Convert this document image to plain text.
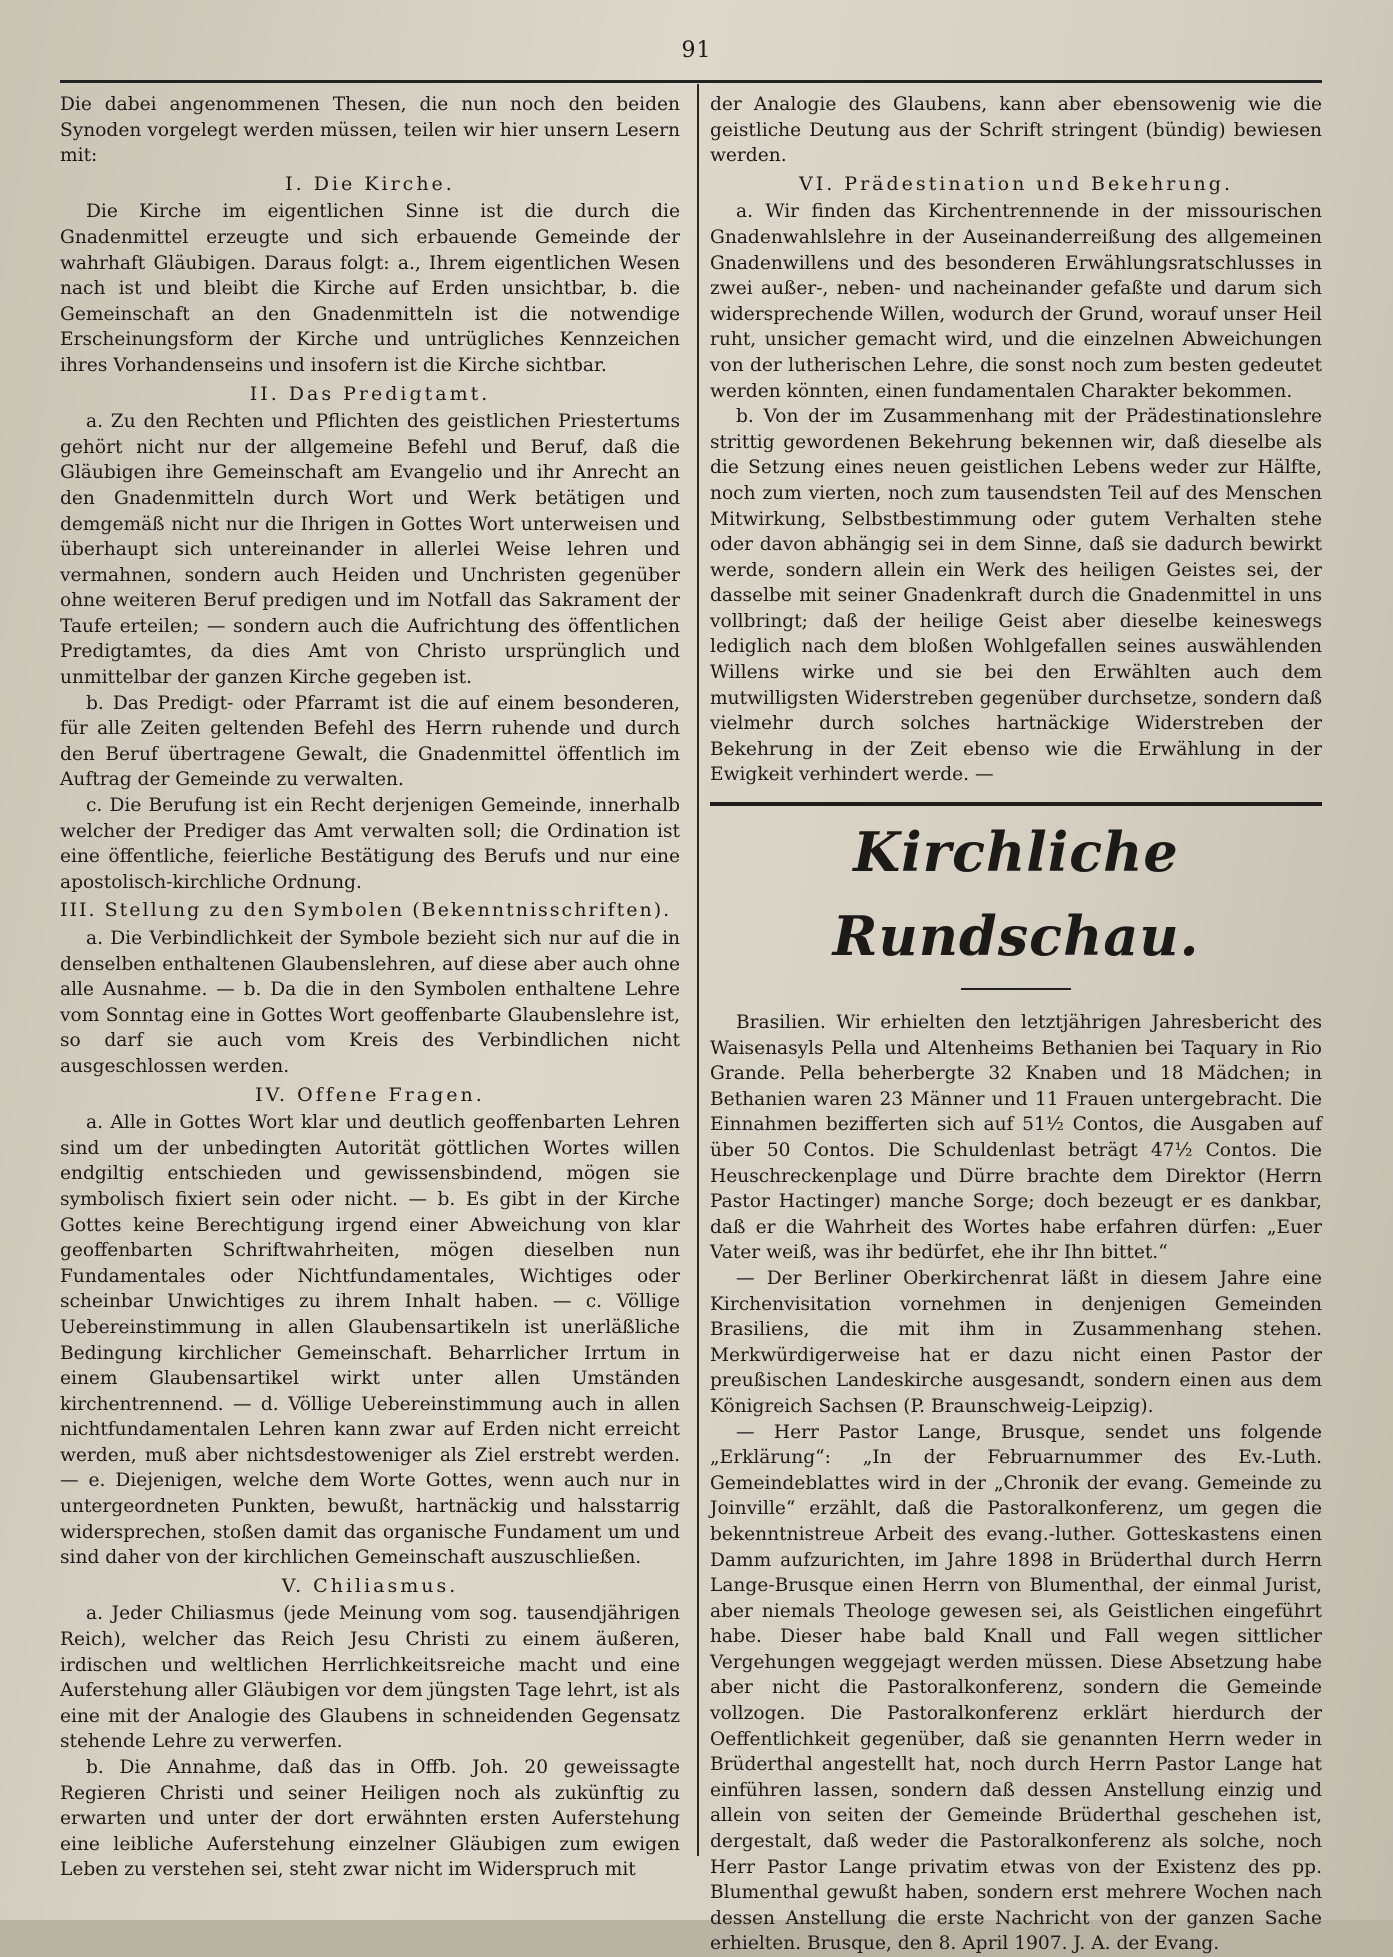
91

Die dabei angenommenen Thesen, die nun noch den beiden Synoden vorgelegt werden müssen, teilen wir hier unsern Lesern mit:

I. Die Kirche.

Die Kirche im eigentlichen Sinne ist die durch die Gnadenmittel erzeugte und sich erbauende Gemeinde der wahrhaft Gläubigen. Daraus folgt: a., Ihrem eigentlichen Wesen nach ist und bleibt die Kirche auf Erden unsichtbar, b. die Gemeinschaft an den Gnadenmitteln ist die notwendige Erscheinungsform der Kirche und untrügliches Kennzeichen ihres Vorhandenseins und insofern ist die Kirche sichtbar.

II. Das Predigtamt.

a. Zu den Rechten und Pflichten des geistlichen Priestertums gehört nicht nur der allgemeine Befehl und Beruf, daß die Gläubigen ihre Gemeinschaft am Evangelio und ihr Anrecht an den Gnadenmitteln durch Wort und Werk betätigen und demgemäß nicht nur die Ihrigen in Gottes Wort unterweisen und überhaupt sich untereinander in allerlei Weise lehren und vermahnen, sondern auch Heiden und Unchristen gegenüber ohne weiteren Beruf predigen und im Notfall das Sakrament der Taufe erteilen; — sondern auch die Aufrichtung des öffentlichen Predigtamtes, da dies Amt von Christo ursprünglich und unmittelbar der ganzen Kirche gegeben ist.

b. Das Predigt- oder Pfarramt ist die auf einem besonderen, für alle Zeiten geltenden Befehl des Herrn ruhende und durch den Beruf übertragene Gewalt, die Gnadenmittel öffentlich im Auftrag der Gemeinde zu verwalten.

c. Die Berufung ist ein Recht derjenigen Gemeinde, innerhalb welcher der Prediger das Amt verwalten soll; die Ordination ist eine öffentliche, feierliche Bestätigung des Berufs und nur eine apostolisch-kirchliche Ordnung.

III. Stellung zu den Symbolen (Bekenntnisschriften).

a. Die Verbindlichkeit der Symbole bezieht sich nur auf die in denselben enthaltenen Glaubenslehren, auf diese aber auch ohne alle Ausnahme. — b. Da die in den Symbolen enthaltene Lehre vom Sonntag eine in Gottes Wort geoffenbarte Glaubenslehre ist, so darf sie auch vom Kreis des Verbindlichen nicht ausgeschlossen werden.

IV. Offene Fragen.

a. Alle in Gottes Wort klar und deutlich geoffenbarten Lehren sind um der unbedingten Autorität göttlichen Wortes willen endgiltig entschieden und gewissensbindend, mögen sie symbolisch fixiert sein oder nicht. — b. Es gibt in der Kirche Gottes keine Berechtigung irgend einer Abweichung von klar geoffenbarten Schriftwahrheiten, mögen dieselben nun Fundamentales oder Nichtfundamentales, Wichtiges oder scheinbar Unwichtiges zu ihrem Inhalt haben. — c. Völlige Uebereinstimmung in allen Glaubensartikeln ist unerläßliche Bedingung kirchlicher Gemeinschaft. Beharrlicher Irrtum in einem Glaubensartikel wirkt unter allen Umständen kirchentrennend. — d. Völlige Uebereinstimmung auch in allen nichtfundamentalen Lehren kann zwar auf Erden nicht erreicht werden, muß aber nichtsdestoweniger als Ziel erstrebt werden. — e. Diejenigen, welche dem Worte Gottes, wenn auch nur in untergeordneten Punkten, bewußt, hartnäckig und halsstarrig widersprechen, stoßen damit das organische Fundament um und sind daher von der kirchlichen Gemeinschaft auszuschließen.

V. Chiliasmus.

a. Jeder Chiliasmus (jede Meinung vom sog. tausendjährigen Reich), welcher das Reich Jesu Christi zu einem äußeren, irdischen und weltlichen Herrlichkeitsreiche macht und eine Auferstehung aller Gläubigen vor dem jüngsten Tage lehrt, ist als eine mit der Analogie des Glaubens in schneidenden Gegensatz stehende Lehre zu verwerfen.

b. Die Annahme, daß das in Offb. Joh. 20 geweissagte Regieren Christi und seiner Heiligen noch als zukünftig zu erwarten und unter der dort erwähnten ersten Auferstehung eine leibliche Auferstehung einzelner Gläubigen zum ewigen Leben zu verstehen sei, steht zwar nicht im Widerspruch mit

der Analogie des Glaubens, kann aber ebensowenig wie die geistliche Deutung aus der Schrift stringent (bündig) bewiesen werden.

VI. Prädestination und Bekehrung.

a. Wir finden das Kirchentrennende in der missourischen Gnadenwahlslehre in der Auseinanderreißung des allgemeinen Gnadenwillens und des besonderen Erwählungsratschlusses in zwei außer-, neben- und nacheinander gefaßte und darum sich widersprechende Willen, wodurch der Grund, worauf unser Heil ruht, unsicher gemacht wird, und die einzelnen Abweichungen von der lutherischen Lehre, die sonst noch zum besten gedeutet werden könnten, einen fundamentalen Charakter bekommen.

b. Von der im Zusammenhang mit der Prädestinationslehre strittig gewordenen Bekehrung bekennen wir, daß dieselbe als die Setzung eines neuen geistlichen Lebens weder zur Hälfte, noch zum vierten, noch zum tausendsten Teil auf des Menschen Mitwirkung, Selbstbestimmung oder gutem Verhalten stehe oder davon abhängig sei in dem Sinne, daß sie dadurch bewirkt werde, sondern allein ein Werk des heiligen Geistes sei, der dasselbe mit seiner Gnadenkraft durch die Gnadenmittel in uns vollbringt; daß der heilige Geist aber dieselbe keineswegs lediglich nach dem bloßen Wohlgefallen seines auswählenden Willens wirke und sie bei den Erwählten auch dem mutwilligsten Widerstreben gegenüber durchsetze, sondern daß vielmehr durch solches hartnäckige Widerstreben der Bekehrung in der Zeit ebenso wie die Erwählung in der Ewigkeit verhindert werde. —

Kirchliche Rundschau.

Brasilien. Wir erhielten den letztjährigen Jahresbericht des Waisenasyls Pella und Altenheims Bethanien bei Taquary in Rio Grande. Pella beherbergte 32 Knaben und 18 Mädchen; in Bethanien waren 23 Männer und 11 Frauen untergebracht. Die Einnahmen bezifferten sich auf 51½ Contos, die Ausgaben auf über 50 Contos. Die Schuldenlast beträgt 47½ Contos. Die Heuschreckenplage und Dürre brachte dem Direktor (Herrn Pastor Hactinger) manche Sorge; doch bezeugt er es dankbar, daß er die Wahrheit des Wortes habe erfahren dürfen: „Euer Vater weiß, was ihr bedürfet, ehe ihr Ihn bittet.“

— Der Berliner Oberkirchenrat läßt in diesem Jahre eine Kirchenvisitation vornehmen in denjenigen Gemeinden Brasiliens, die mit ihm in Zusammenhang stehen. Merkwürdigerweise hat er dazu nicht einen Pastor der preußischen Landeskirche ausgesandt, sondern einen aus dem Königreich Sachsen (P. Braunschweig-Leipzig).

— Herr Pastor Lange, Brusque, sendet uns folgende „Erklärung“: „In der Februarnummer des Ev.-Luth. Gemeindeblattes wird in der „Chronik der evang. Gemeinde zu Joinville“ erzählt, daß die Pastoralkonferenz, um gegen die bekenntnistreue Arbeit des evang.-luther. Gotteskastens einen Damm aufzurichten, im Jahre 1898 in Brüderthal durch Herrn Lange-Brusque einen Herrn von Blumenthal, der einmal Jurist, aber niemals Theologe gewesen sei, als Geistlichen eingeführt habe. Dieser habe bald Knall und Fall wegen sittlicher Vergehungen weggejagt werden müssen. Diese Absetzung habe aber nicht die Pastoralkonferenz, sondern die Gemeinde vollzogen. Die Pastoralkonferenz erklärt hierdurch der Oeffentlichkeit gegenüber, daß sie genannten Herrn weder in Brüderthal angestellt hat, noch durch Herrn Pastor Lange hat einführen lassen, sondern daß dessen Anstellung einzig und allein von seiten der Gemeinde Brüderthal geschehen ist, dergestalt, daß weder die Pastoralkonferenz als solche, noch Herr Pastor Lange privatim etwas von der Existenz des pp. Blumenthal gewußt haben, sondern erst mehrere Wochen nach dessen Anstellung die erste Nachricht von der ganzen Sache erhielten. Brusque, den 8. April 1907. J. A. der Evang.
